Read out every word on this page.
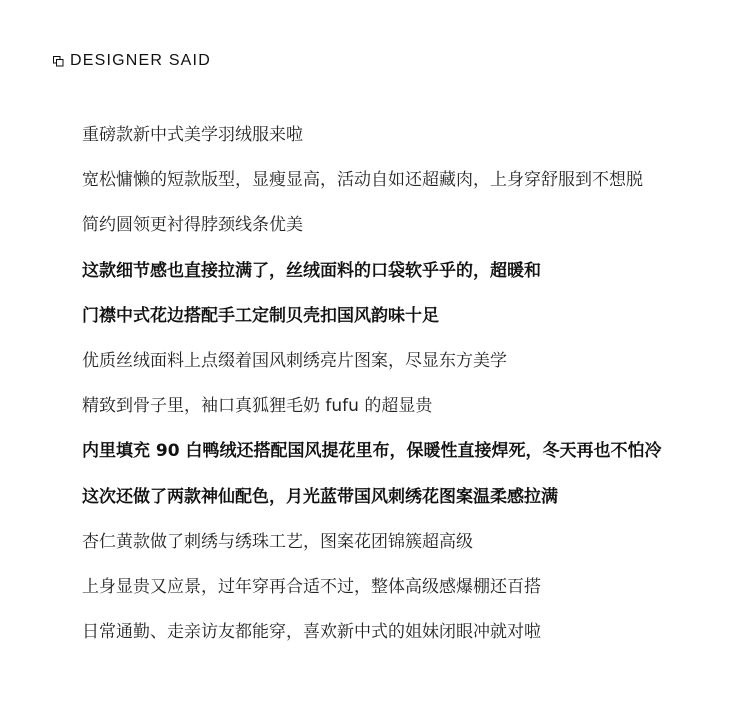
DESIGNER SAID
重磅款新中式美学羽绒服来啦
宽松慵懒的短款版型，显瘦显高，活动自如还超藏肉，上身穿舒服到不想脱
简约圆领更衬得脖颈线条优美
这款细节感也直接拉满了，丝绒面料的口袋软乎乎的，超暖和
门襟中式花边搭配手工定制贝壳扣国风韵味十足
优质丝绒面料上点缀着国风刺绣亮片图案，尽显东方美学
精致到骨子里，袖口真狐狸毛奶 fufu 的超显贵
内里填充 90 白鸭绒还搭配国风提花里布，保暖性直接焊死，冬天再也不怕冷
这次还做了两款神仙配色，月光蓝带国风刺绣花图案温柔感拉满
杏仁黄款做了刺绣与绣珠工艺，图案花团锦簇超高级
上身显贵又应景，过年穿再合适不过，整体高级感爆棚还百搭
日常通勤、走亲访友都能穿，喜欢新中式的姐妹闭眼冲就对啦
